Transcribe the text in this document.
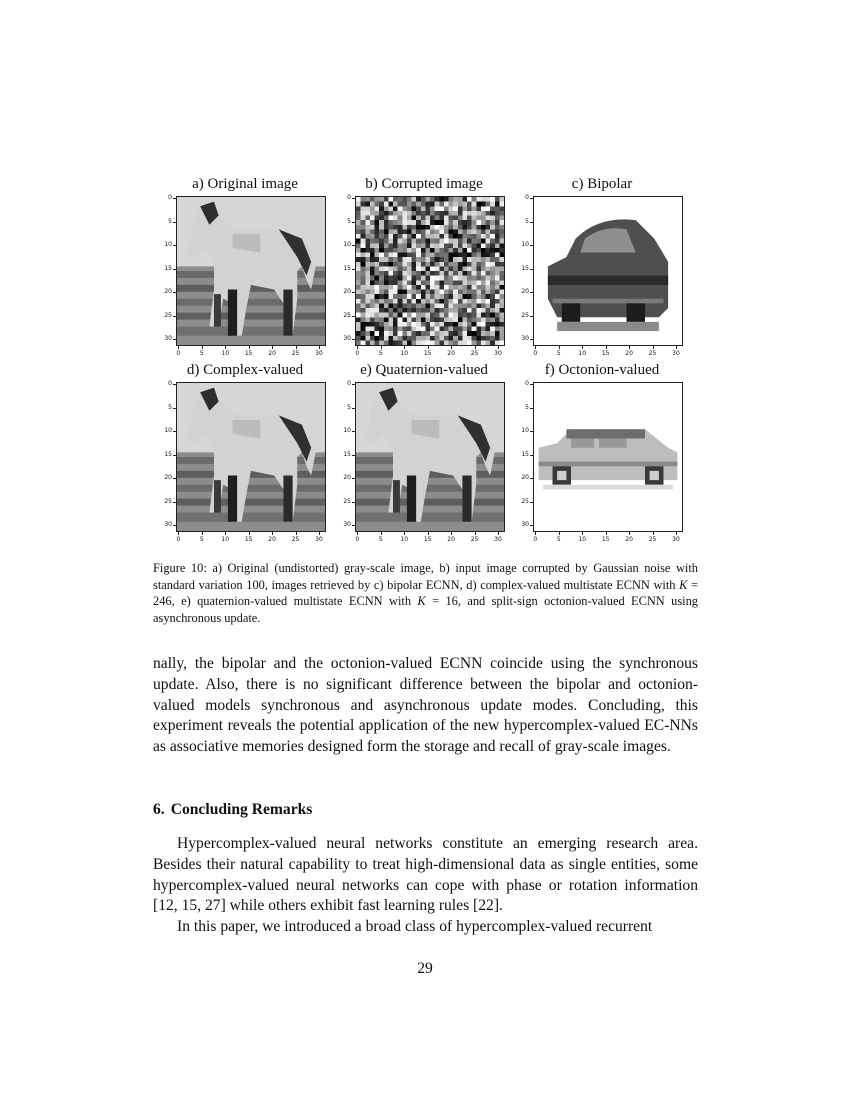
a) Original image	b) Corrupted image	c) Bipolar
d) Complex-valued	e) Quaternion-valued	f) Octonion-valued
0
5
10
15
20
25
30
0	5	10	15	20	25	30
0
5
10
15
20
25
30
0	5	10	15	20	25	30
0
5
10
15
20
25
30
0	5	10	15	20	25	30
0
5
10
15
20
25
30
0	5	10	15	20	25	30
0
5
10
15
20
25
30
0	5	10	15	20	25	30
0
5
10
15
20
25
30
0	5	10	15	20	25	30
Figure 10: a) Original (undistorted) gray-scale image, b) input image corrupted by Gaussian noise with standard variation 100, images retrieved by c) bipolar ECNN, d) complex-valued multistate ECNN with K = 246, e) quaternion-valued multistate ECNN with K = 16, and split-sign octonion-valued ECNN using asynchronous update.
nally, the bipolar and the octonion-valued ECNN coincide using the synchronous update. Also, there is no significant difference between the bipolar and octonion-valued models synchronous and asynchronous update modes. Concluding, this experiment reveals the potential application of the new hypercomplex-valued EC-NNs as associative memories designed form the storage and recall of gray-scale images.
6. Concluding Remarks
Hypercomplex-valued neural networks constitute an emerging research area. Besides their natural capability to treat high-dimensional data as single entities, some hypercomplex-valued neural networks can cope with phase or rotation information [12, 15, 27] while others exhibit fast learning rules [22].
In this paper, we introduced a broad class of hypercomplex-valued recurrent
29
